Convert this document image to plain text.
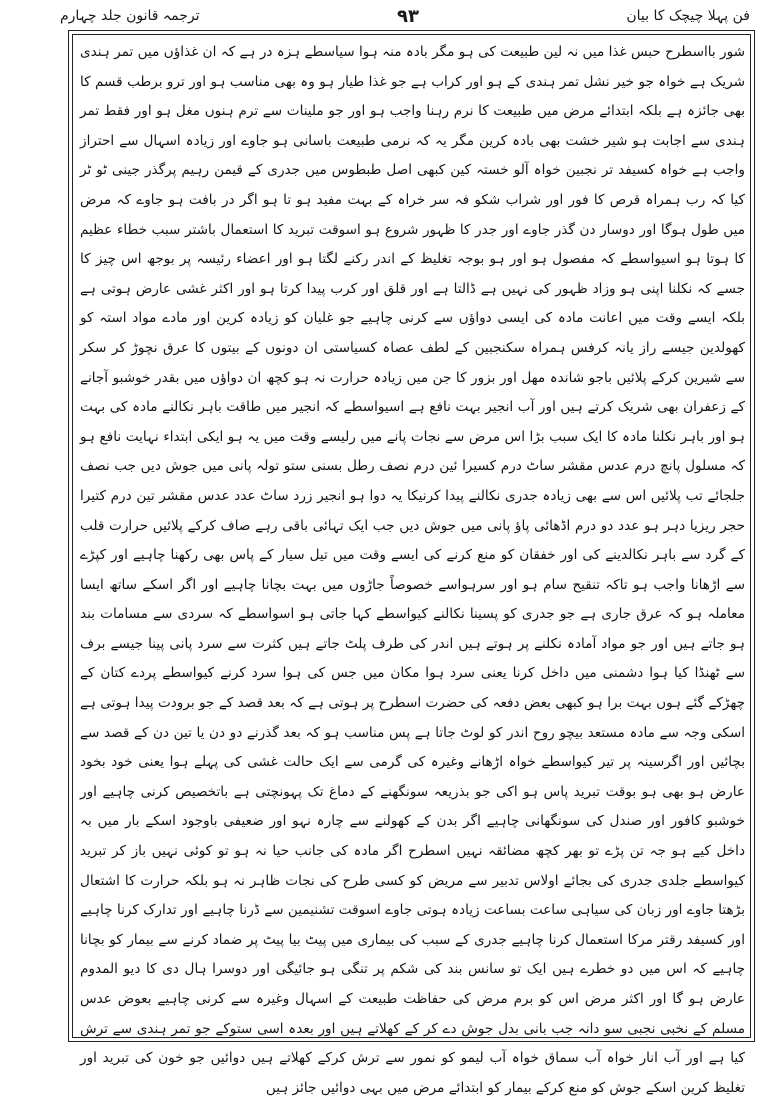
فن پہلا چیچک کا بیان
۹۳
ترجمہ قانون جلد چہارم

شور بااسطرح حبس غذا میں نہ لین طبیعت کی ہو مگر بادہ منہ ہوا سیاسطے ہزہ در ہے کہ ان غذاؤں میں تمر ہندی شریک ہے خواہ جو خیر نشل تمر ہندی کے ہو اور کراب ہے جو غذا طیار ہو وہ بھی مناسب ہو اور ترو برطب قسم کا بھی جائزہ ہے بلکہ ابتدائے مرض میں طبیعت کا نرم رہنا واجب ہو اور جو ملینات سے ترم ہنوں مغل ہو اور فقط تمر ہندی سے اجابت ہو شیر خشت بھی بادہ کرین مگر یہ کہ نرمی طبیعت باسانی ہو جاوے اور زیادہ اسہال سے احتراز واجب ہے خواہ کسیفد تر نجبین خواہ آلو خستہ کین کبھی اصل طبطوس میں جدری کے قیمن رہیم پرگذر جینی ٹو ٹر کیا کہ رب ہمراہ قرص کا فور اور شراب شکو فہ سر خراہ کے بہت مفید ہو تا ہو اگر در بافت ہو جاوے کہ مرض میں طول ہوگا اور دوسار دن گذر جاوے اور جدر کا ظہور شروع ہو اسوقت تبرید کا استعمال باشتر سبب خطاء عظیم کا ہوتا ہو اسیواسطے کہ مفصول ہو اور ہو بوجہ تغلیظ کے اندر رکنے لگتا ہو اور اعضاء رئیسہ پر بوجھ اس چیز کا جسے کہ نکلنا اپنی ہو وزاد ظہور کی نہیں ہے ڈالتا ہے اور قلق اور کرب پیدا کرتا ہو اور اکثر غشی عارض ہوتی ہے بلکہ ایسے وقت میں اعانت مادہ کی ایسی دواؤں سے کرنی چاہیے جو غلیان کو زیادہ کرین اور مادے مواد استہ کو کھولدین جیسے راز یانہ کرفس ہمراہ سکنجبین کے لطف عصاہ کسیاستی ان دونوں کے بیتوں کا عرق نچوڑ کر سکر سے شیرین کرکے پلائیں باجو شاندہ مھل اور بزور کا جن میں زیادہ حرارت نہ ہو کچھ ان دواؤں میں بقدر خوشبو آجانے کے زعفران بھی شریک کرتے ہیں اور آب انجیر بہت نافع ہے اسیواسطے کہ انجیر میں طاقت باہر نکالنے مادہ کی بہت ہو اور باہر نکلنا مادہ کا ایک سبب بڑا اس مرض سے نجات پانے میں رلیسے وقت میں یہ ہو ایکی ابتداء نہایت نافع ہو کہ مسلول پانچ درم عدس مقشر ساٹ درم کسیرا ئین درم نصف رطل بسنی ستو تولہ پانی میں جوش دیں جب نصف جلجائے تب پلائیں اس سے بھی زیادہ جدری نکالنے پیدا کرنیکا یہ دوا ہو انجیر زرد ساٹ عدد عدس مقشر تین درم کتیرا حجر ریزیا دہر ہو عدد دو درم اڈھائی پاؤ پانی میں جوش دیں جب ایک تہائی باقی رہے صاف کرکے پلائیں حرارت قلب کے گرد سے باہر نکالدینے کی اور خفقان کو منع کرنے کی ایسے وقت میں تیل سیار کے پاس بھی رکھنا چاہیے اور کپڑے سے اڑھانا واجب ہو تاکہ تنقیح سام ہو اور سرہواسے خصوصاً جاڑوں میں بہت بچانا چاہیے اور اگر اسکے ساتھ ایسا معاملہ ہو کہ عرق جاری ہے جو جدری کو پسینا نکالنے کیواسطے کہا جاتی ہو اسواسطے کہ سردی سے مسامات بند ہو جاتے ہیں اور جو مواد آمادہ نکلنے پر ہوتے ہیں اندر کی طرف پلٹ جاتے ہیں کثرت سے سرد پانی پینا جیسے برف سے ٹھنڈا کیا ہوا دشمنی میں داخل کرنا یعنی سرد ہوا مکان میں جس کی ہوا سرد کرنے کیواسطے پردے کتان کے چھڑکے گئے ہوں بہت برا ہو کبھی بعض دفعہ کی حضرت اسطرح پر ہوتی ہے کہ بعد قصد کے جو برودت پیدا ہوتی ہے اسکی وجہ سے مادہ مستعد بیچو روح اندر کو لوٹ جاتا ہے پس مناسب ہو کہ بعد گذرنے دو دن یا تین دن کے قصد سے بچائیں اور اگرسینہ پر تیر کیواسطے خواہ اڑھانے وغیرہ کی گرمی سے ایک حالت غشی کی پہلے ہوا یعنی خود بخود عارض ہو بھی ہو بوقت تبرید پاس ہو اکی جو بذریعہ سونگھنے کے دماغ تک پہونچتی ہے باتخصیص کرنی چاہیے اور خوشبو کافور اور صندل کی سونگھانی چاہیے اگر بدن کے کھولنے سے چارہ نہو اور ضعیفی باوجود اسکے بار میں بہ داخل کیے ہو جہ تن پڑے تو بھر کچھ مضائقہ نہیں اسطرح اگر مادہ کی جانب حیا نہ ہو تو کوئی نہیں باز کر تبرید کیواسطے جلدی جدری کی بجائے اولاس تدبیر سے مریض کو کسی طرح کی نجات ظاہر نہ ہو بلکہ حرارت کا اشتعال بڑھتا جاوے اور زبان کی سیاہی ساعت بساعت زیادہ ہوتی جاوے اسوقت تشنیمین سے ڈرنا چاہیے اور تدارک کرنا چاہیے اور کسیفد رقتر مرکا استعمال کرنا چاہیے جدری کے سبب کی بیماری میں پیٹ بیا پیٹ پر ضماد کرنے سے بیمار کو بچانا چاہیے کہ اس میں دو خطرے ہیں ایک تو سانس بند کی شکم پر تنگی ہو جائیگی اور دوسرا ہال دی کا دیو المدوم عارض ہو گا اور اکثر مرض اس کو برم مرض کی حفاظت طبیعت کے اسہال وغیرہ سے کرنی چاہیے بعوض عدس مسلم کے نخبی نجبی سو دانہ جب بانی بدل جوش دے کر کے کھلاتے ہیں اور بعدہ اسی ستوکے جو تمر ہندی سے ترش کیا ہے اور آب انار خواہ آب سماق خواہ آب لیمو کو نمور سے ترش کرکے کھلاتے ہیں دوائیں جو خون کی تبرید اور تغلیظ کرین اسکے جوش کو منع کرکے بیمار کو ابتدائے مرض میں بہی دوائیں جائز ہیں
